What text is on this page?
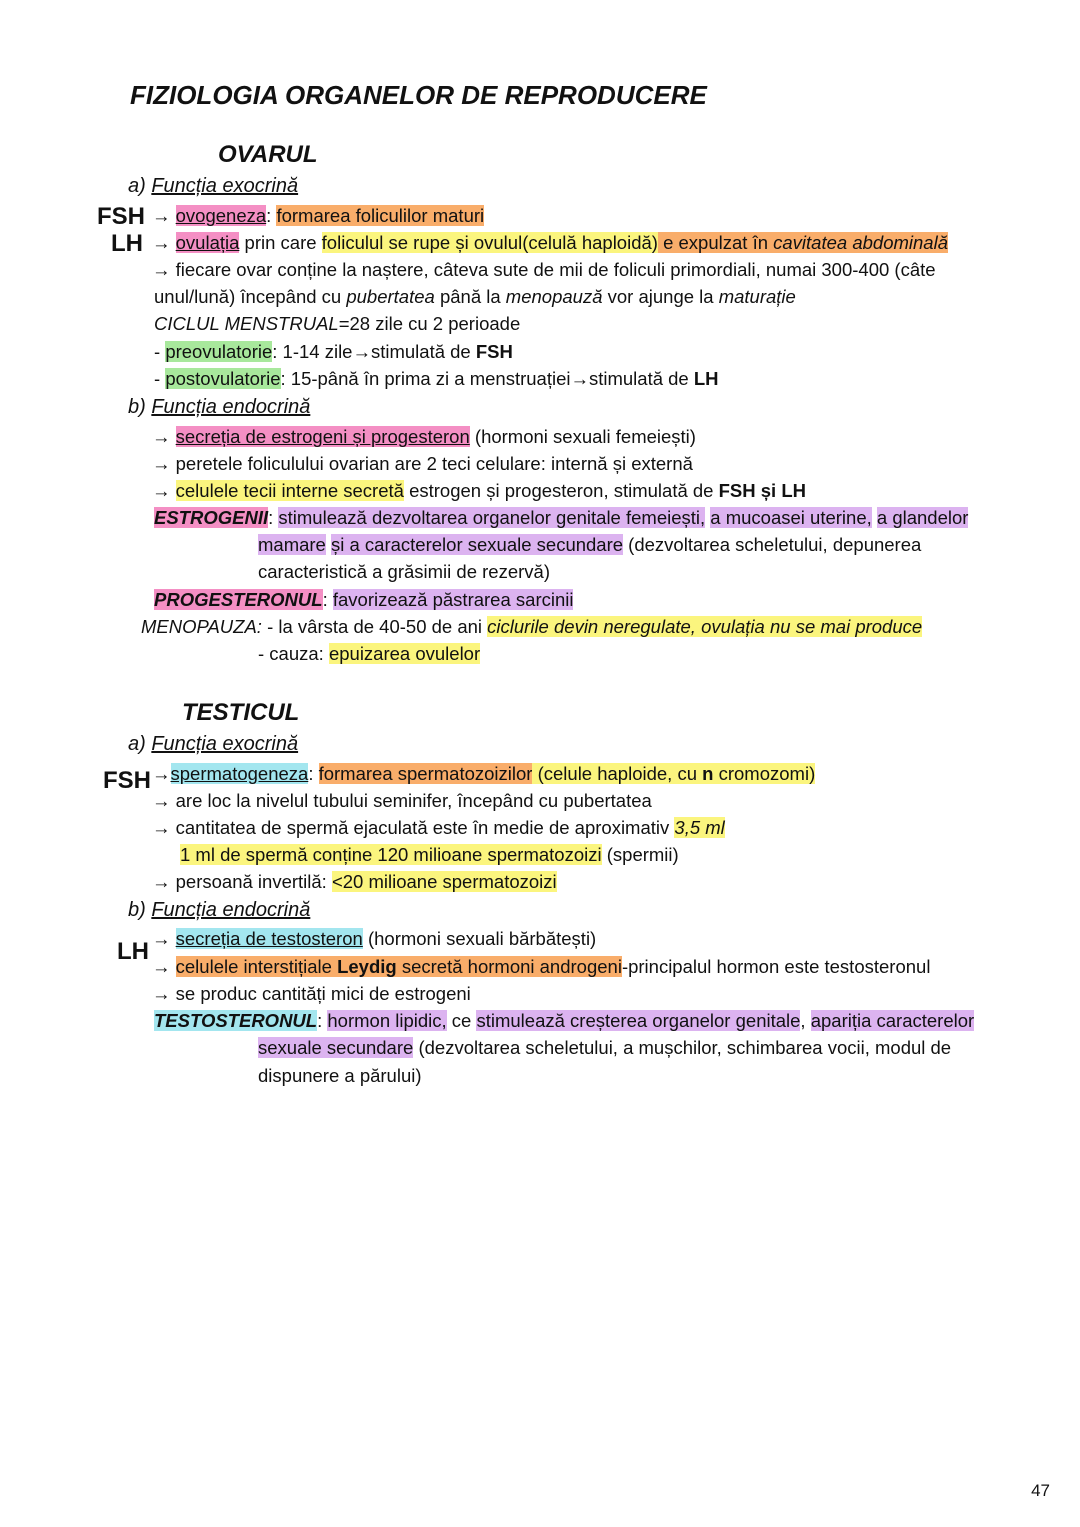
FIZIOLOGIA ORGANELOR DE REPRODUCERE
OVARUL
a) Funcția exocrină
FSH → ovogeneza: formarea foliculilor maturi
LH → ovulația prin care foliculul se rupe și ovulul(celulă haploidă) e expulzat în cavitatea abdominală
→ fiecare ovar conține la naștere, câteva sute de mii de foliculi primordiali, numai 300-400 (câte
unul/lună) începând cu pubertatea până la menopauză vor ajunge la maturație
CICLUL MENSTRUAL=28 zile cu 2 perioade
- preovulatorie: 1-14 zile→stimulată de FSH
- postovulatorie: 15-până în prima zi a menstruației→stimulată de LH
b) Funcția endocrină
→ secreția de estrogeni și progesteron (hormoni sexuali femeiești)
→ peretele foliculului ovarian are 2 teci celulare: internă și externă
→ celulele tecii interne secretă estrogen și progesteron, stimulată de FSH și LH
ESTROGENII: stimulează dezvoltarea organelor genitale femeiești, a mucoasei uterine, a glandelor
mamare și a caracterelor sexuale secundare (dezvoltarea scheletului, depunerea
caracteristică a grăsimii de rezervă)
PROGESTERONUL: favorizează păstrarea sarcinii
MENOPAUZA: - la vârsta de 40-50 de ani ciclurile devin neregulate, ovulația nu se mai produce
- cauza: epuizarea ovulelor
TESTICUL
a) Funcția exocrină
FSH →spermatogeneza: formarea spermatozoizilor (celule haploide, cu n cromozomi)
→ are loc la nivelul tubului seminifer, începând cu pubertatea
→ cantitatea de spermă ejaculată este în medie de aproximativ 3,5 ml
1 ml de spermă conține 120 milioane spermatozoizi (spermii)
→ persoană invertilă: <20 milioane spermatozoizi
b) Funcția endocrină
LH → secreția de testosteron (hormoni sexuali bărbătești)
→ celulele interstițiale Leydig secretă hormoni androgeni-principalul hormon este testosteronul
→ se produc cantități mici de estrogeni
TESTOSTERONUL: hormon lipidic, ce stimulează creșterea organelor genitale, apariția caracterelor
sexuale secundare (dezvoltarea scheletului, a mușchilor, schimbarea vocii, modul de
dispunere a părului)
47
